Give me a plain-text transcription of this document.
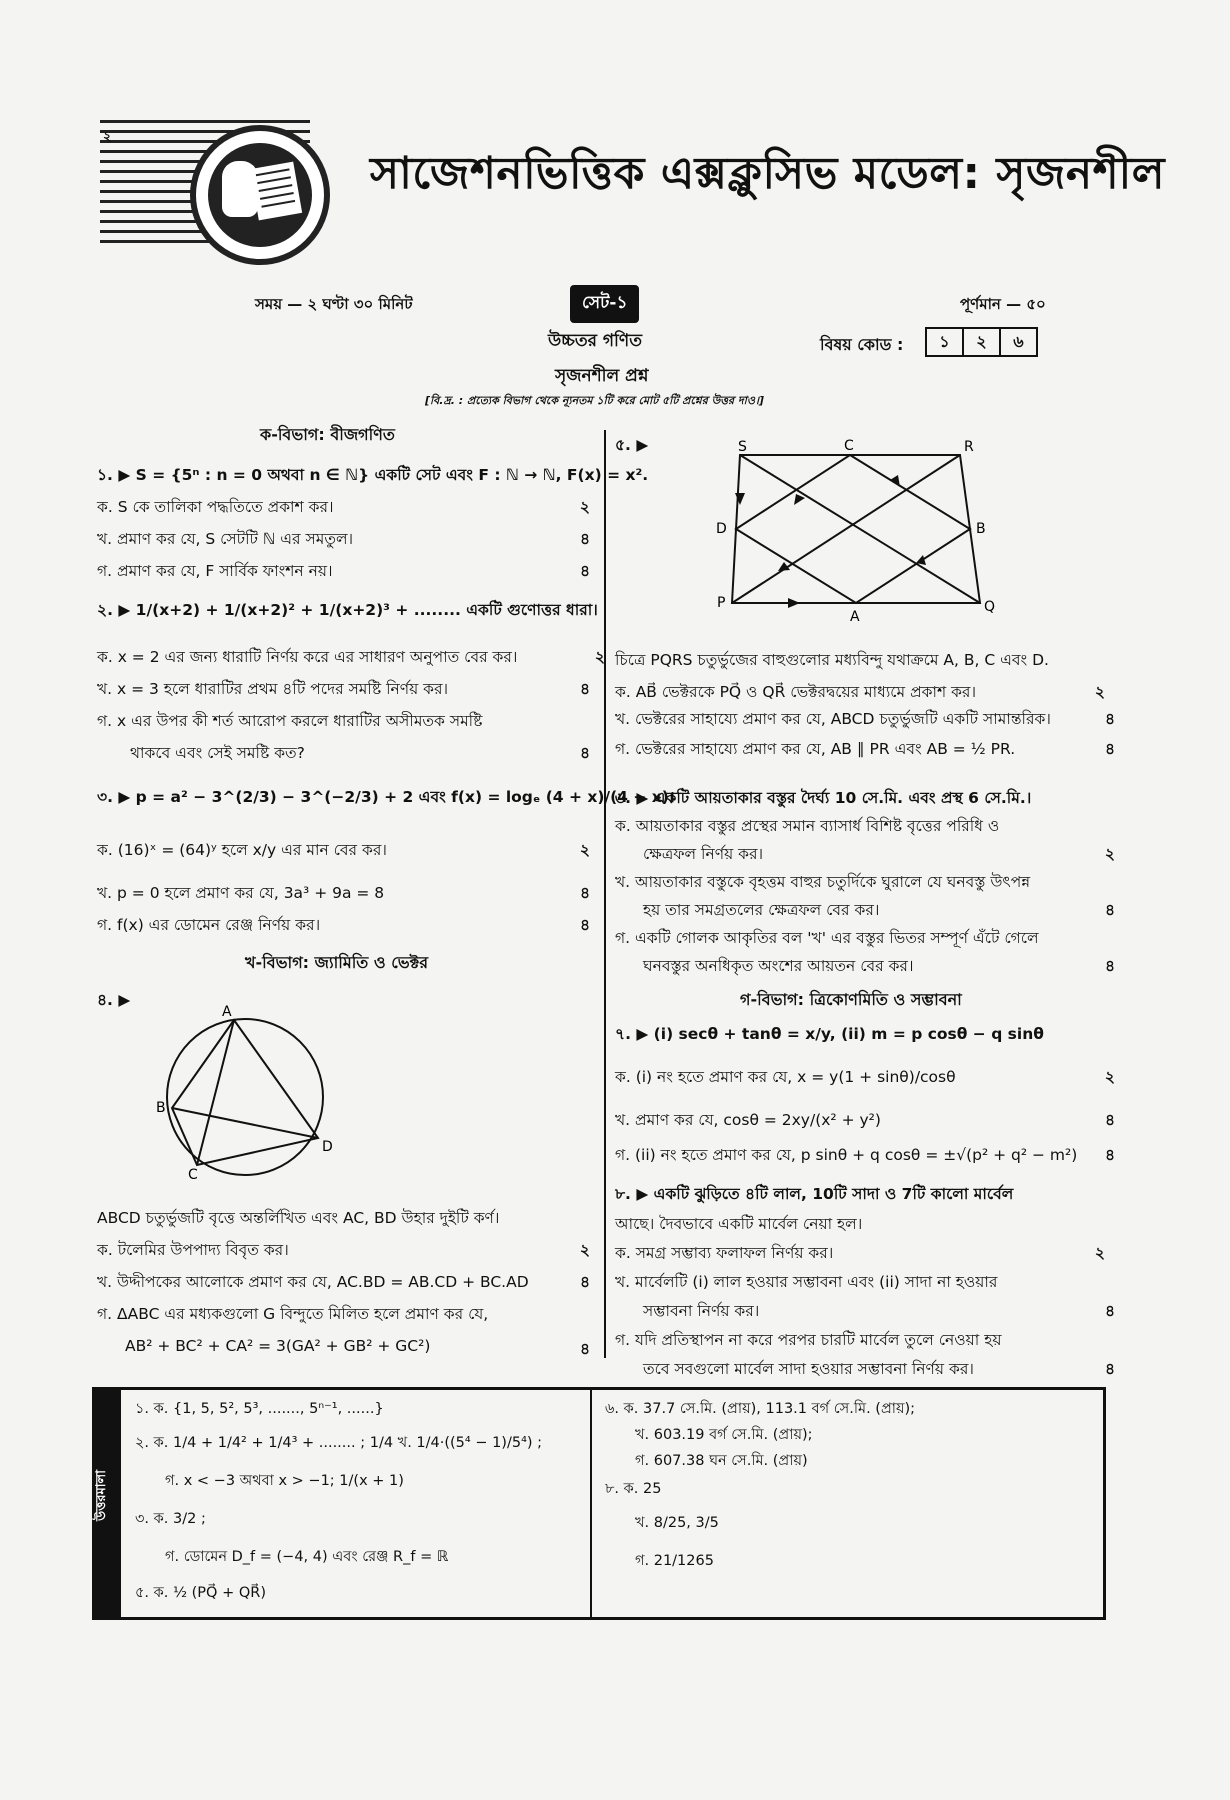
২
সাজেশনভিত্তিক এক্সক্লুসিভ মডেল: সৃজনশীল
সময় — ২ ঘণ্টা ৩০ মিনিট	সেট-১	পূর্ণমান — ৫০
উচ্চতর গণিত	বিষয় কোড :	১	২	৬
সৃজনশীল প্রশ্ন
[বি.দ্র. : প্রত্যেক বিভাগ থেকে ন্যূনতম ১টি করে মোট ৫টি প্রশ্নের উত্তর দাও।]
ক-বিভাগ: বীজগণিত
১. ▶ S = {5ⁿ : n = 0 অথবা n ∈ ℕ} একটি সেট এবং F : ℕ → ℕ, F(x) = x².
ক. S কে তালিকা পদ্ধতিতে প্রকাশ কর।	২
খ. প্রমাণ কর যে, S সেটটি ℕ এর সমতুল।	৪
গ. প্রমাণ কর যে, F সার্বিক ফাংশন নয়।	৪
২. ▶ 1/(x+2) + 1/(x+2)² + 1/(x+2)³ + ........ একটি গুণোত্তর ধারা।
ক. x = 2 এর জন্য ধারাটি নির্ণয় করে এর সাধারণ অনুপাত বের কর।	২
খ. x = 3 হলে ধারাটির প্রথম ৪টি পদের সমষ্টি নির্ণয় কর।	৪
গ. x এর উপর কী শর্ত আরোপ করলে ধারাটির অসীমতক সমষ্টি
থাকবে এবং সেই সমষ্টি কত?	৪
৩. ▶ p = a² − 3^(2/3) − 3^(−2/3) + 2 এবং f(x) = logₑ (4 + x)/(4 − x)।
ক. (16)ˣ = (64)ʸ হলে x/y এর মান বের কর।	২
খ. p = 0 হলে প্রমাণ কর যে, 3a³ + 9a = 8	৪
গ. f(x) এর ডোমেন রেঞ্জ নির্ণয় কর।	৪
খ-বিভাগ: জ্যামিতি ও ভেক্টর
৪. ▶
A
B
C
D
ABCD চতুর্ভুজটি বৃত্তে অন্তর্লিখিত এবং AC, BD উহার দুইটি কর্ণ।
ক. টলেমির উপপাদ্য বিবৃত কর।	২
খ. উদ্দীপকের আলোকে প্রমাণ কর যে, AC.BD = AB.CD + BC.AD	৪
গ. ΔABC এর মধ্যকগুলো G বিন্দুতে মিলিত হলে প্রমাণ কর যে,
AB² + BC² + CA² = 3(GA² + GB² + GC²)	৪
৫. ▶	S	C	R
D	B
P
A
Q
চিত্রে PQRS চতুর্ভুজের বাহুগুলোর মধ্যবিন্দু যথাক্রমে A, B, C এবং D.
ক. AB⃗ ভেক্টরকে PQ⃗ ও QR⃗ ভেক্টরদ্বয়ের মাধ্যমে প্রকাশ কর।	২
খ. ভেক্টরের সাহায্যে প্রমাণ কর যে, ABCD চতুর্ভুজটি একটি সামান্তরিক।	৪
গ. ভেক্টরের সাহায্যে প্রমাণ কর যে, AB ∥ PR এবং AB = ½ PR.	৪
৬. ▶ একটি আয়তাকার বস্তুর দৈর্ঘ্য 10 সে.মি. এবং প্রস্থ 6 সে.মি.।
ক. আয়তাকার বস্তুর প্রস্থের সমান ব্যাসার্ধ বিশিষ্ট বৃত্তের পরিধি ও
ক্ষেত্রফল নির্ণয় কর।	২
খ. আয়তাকার বস্তুকে বৃহত্তম বাহুর চতুর্দিকে ঘুরালে যে ঘনবস্তু উৎপন্ন
হয় তার সমগ্রতলের ক্ষেত্রফল বের কর।	৪
গ. একটি গোলক আকৃতির বল 'খ' এর বস্তুর ভিতর সম্পূর্ণ এঁটে গেলে
ঘনবস্তুর অনধিকৃত অংশের আয়তন বের কর।	৪
গ-বিভাগ: ত্রিকোণমিতি ও সম্ভাবনা
৭. ▶ (i) secθ + tanθ = x/y, (ii) m = p cosθ − q sinθ
ক. (i) নং হতে প্রমাণ কর যে, x = y(1 + sinθ)/cosθ	২
খ. প্রমাণ কর যে, cosθ = 2xy/(x² + y²)	৪
গ. (ii) নং হতে প্রমাণ কর যে, p sinθ + q cosθ = ±√(p² + q² − m²)	৪
৮. ▶ একটি ঝুড়িতে ৪টি লাল, 10টি সাদা ও 7টি কালো মার্বেল
আছে। দৈবভাবে একটি মার্বেল নেয়া হল।
ক. সমগ্র সম্ভাব্য ফলাফল নির্ণয় কর।	২
খ. মার্বেলটি (i) লাল হওয়ার সম্ভাবনা এবং (ii) সাদা না হওয়ার
সম্ভাবনা নির্ণয় কর।	৪
গ. যদি প্রতিস্থাপন না করে পরপর চারটি মার্বেল তুলে নেওয়া হয়
তবে সবগুলো মার্বেল সাদা হওয়ার সম্ভাবনা নির্ণয় কর।	৪
উত্তরমালা
১. ক. {1, 5, 5², 5³, ......., 5ⁿ⁻¹, ......}
২. ক. 1/4 + 1/4² + 1/4³ + ........ ; 1/4 খ. 1/4·((5⁴ − 1)/5⁴) ;
গ. x < −3 অথবা x > −1; 1/(x + 1)
৩. ক. 3/2 ;
গ. ডোমেন D_f = (−4, 4) এবং রেঞ্জ R_f = ℝ
৫. ক. ½ (PQ⃗ + QR⃗)
৬. ক. 37.7 সে.মি. (প্রায়), 113.1 বর্গ সে.মি. (প্রায়);
খ. 603.19 বর্গ সে.মি. (প্রায়);
গ. 607.38 ঘন সে.মি. (প্রায়)
৮. ক. 25
খ. 8/25, 3/5
গ. 21/1265
